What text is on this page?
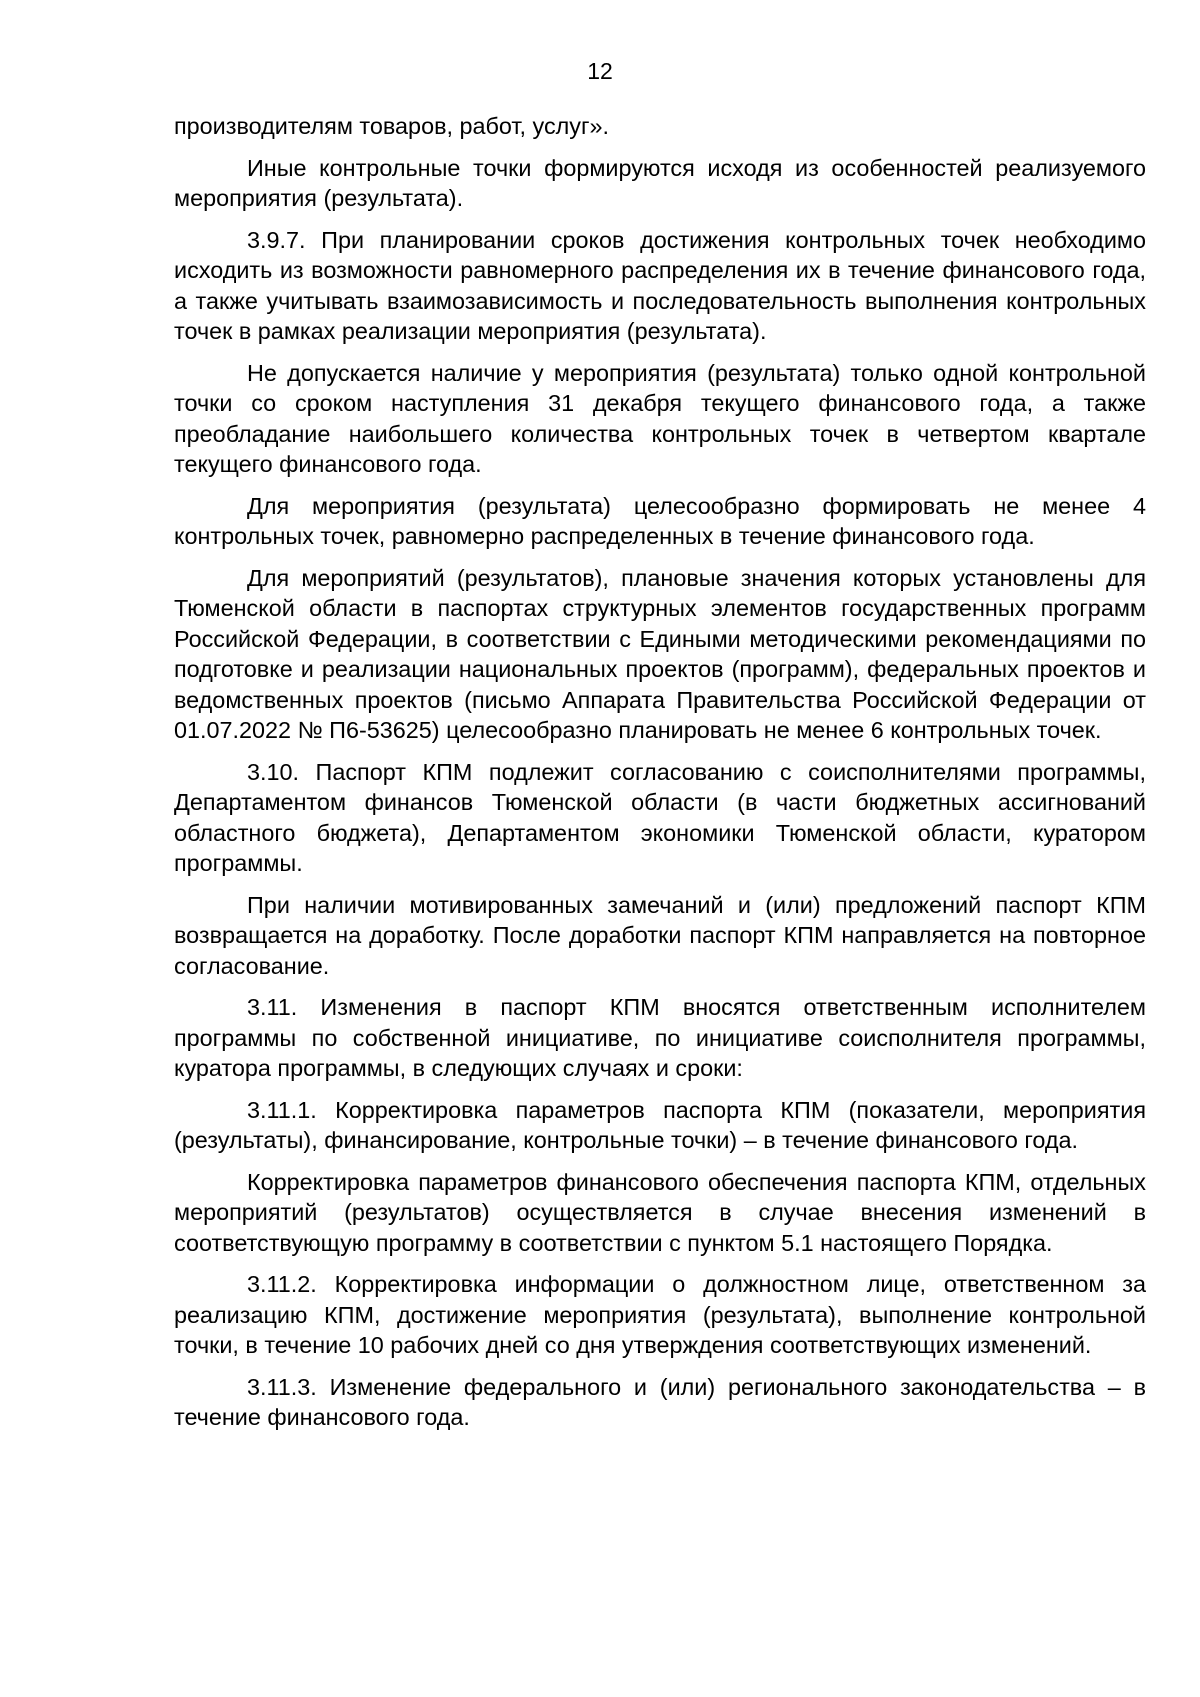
12

производителям товаров, работ, услуг».

Иные контрольные точки формируются исходя из особенностей реализуемого мероприятия (результата).

3.9.7. При планировании сроков достижения контрольных точек необходимо исходить из возможности равномерного распределения их в течение финансового года, а также учитывать взаимозависимость и последовательность выполнения контрольных точек в рамках реализации мероприятия (результата).

Не допускается наличие у мероприятия (результата) только одной контрольной точки со сроком наступления 31 декабря текущего финансового года, а также преобладание наибольшего количества контрольных точек в четвертом квартале текущего финансового года.

Для мероприятия (результата) целесообразно формировать не менее 4 контрольных точек, равномерно распределенных в течение финансового года.

Для мероприятий (результатов), плановые значения которых установлены для Тюменской области в паспортах структурных элементов государственных программ Российской Федерации, в соответствии с Едиными методическими рекомендациями по подготовке и реализации национальных проектов (программ), федеральных проектов и ведомственных проектов (письмо Аппарата Правительства Российской Федерации от 01.07.2022 № П6-53625) целесообразно планировать не менее 6 контрольных точек.

3.10. Паспорт КПМ подлежит согласованию с соисполнителями программы, Департаментом финансов Тюменской области (в части бюджетных ассигнований областного бюджета), Департаментом экономики Тюменской области, куратором программы.

При наличии мотивированных замечаний и (или) предложений паспорт КПМ возвращается на доработку. После доработки паспорт КПМ направляется на повторное согласование.

3.11. Изменения в паспорт КПМ вносятся ответственным исполнителем программы по собственной инициативе, по инициативе соисполнителя программы, куратора программы, в следующих случаях и сроки:

3.11.1. Корректировка параметров паспорта КПМ (показатели, мероприятия (результаты), финансирование, контрольные точки) – в течение финансового года.

Корректировка параметров финансового обеспечения паспорта КПМ, отдельных мероприятий (результатов) осуществляется в случае внесения изменений в соответствующую программу в соответствии с пунктом 5.1 настоящего Порядка.

3.11.2. Корректировка информации о должностном лице, ответственном за реализацию КПМ, достижение мероприятия (результата), выполнение контрольной точки, в течение 10 рабочих дней со дня утверждения соответствующих изменений.

3.11.3. Изменение федерального и (или) регионального законодательства – в течение финансового года.
